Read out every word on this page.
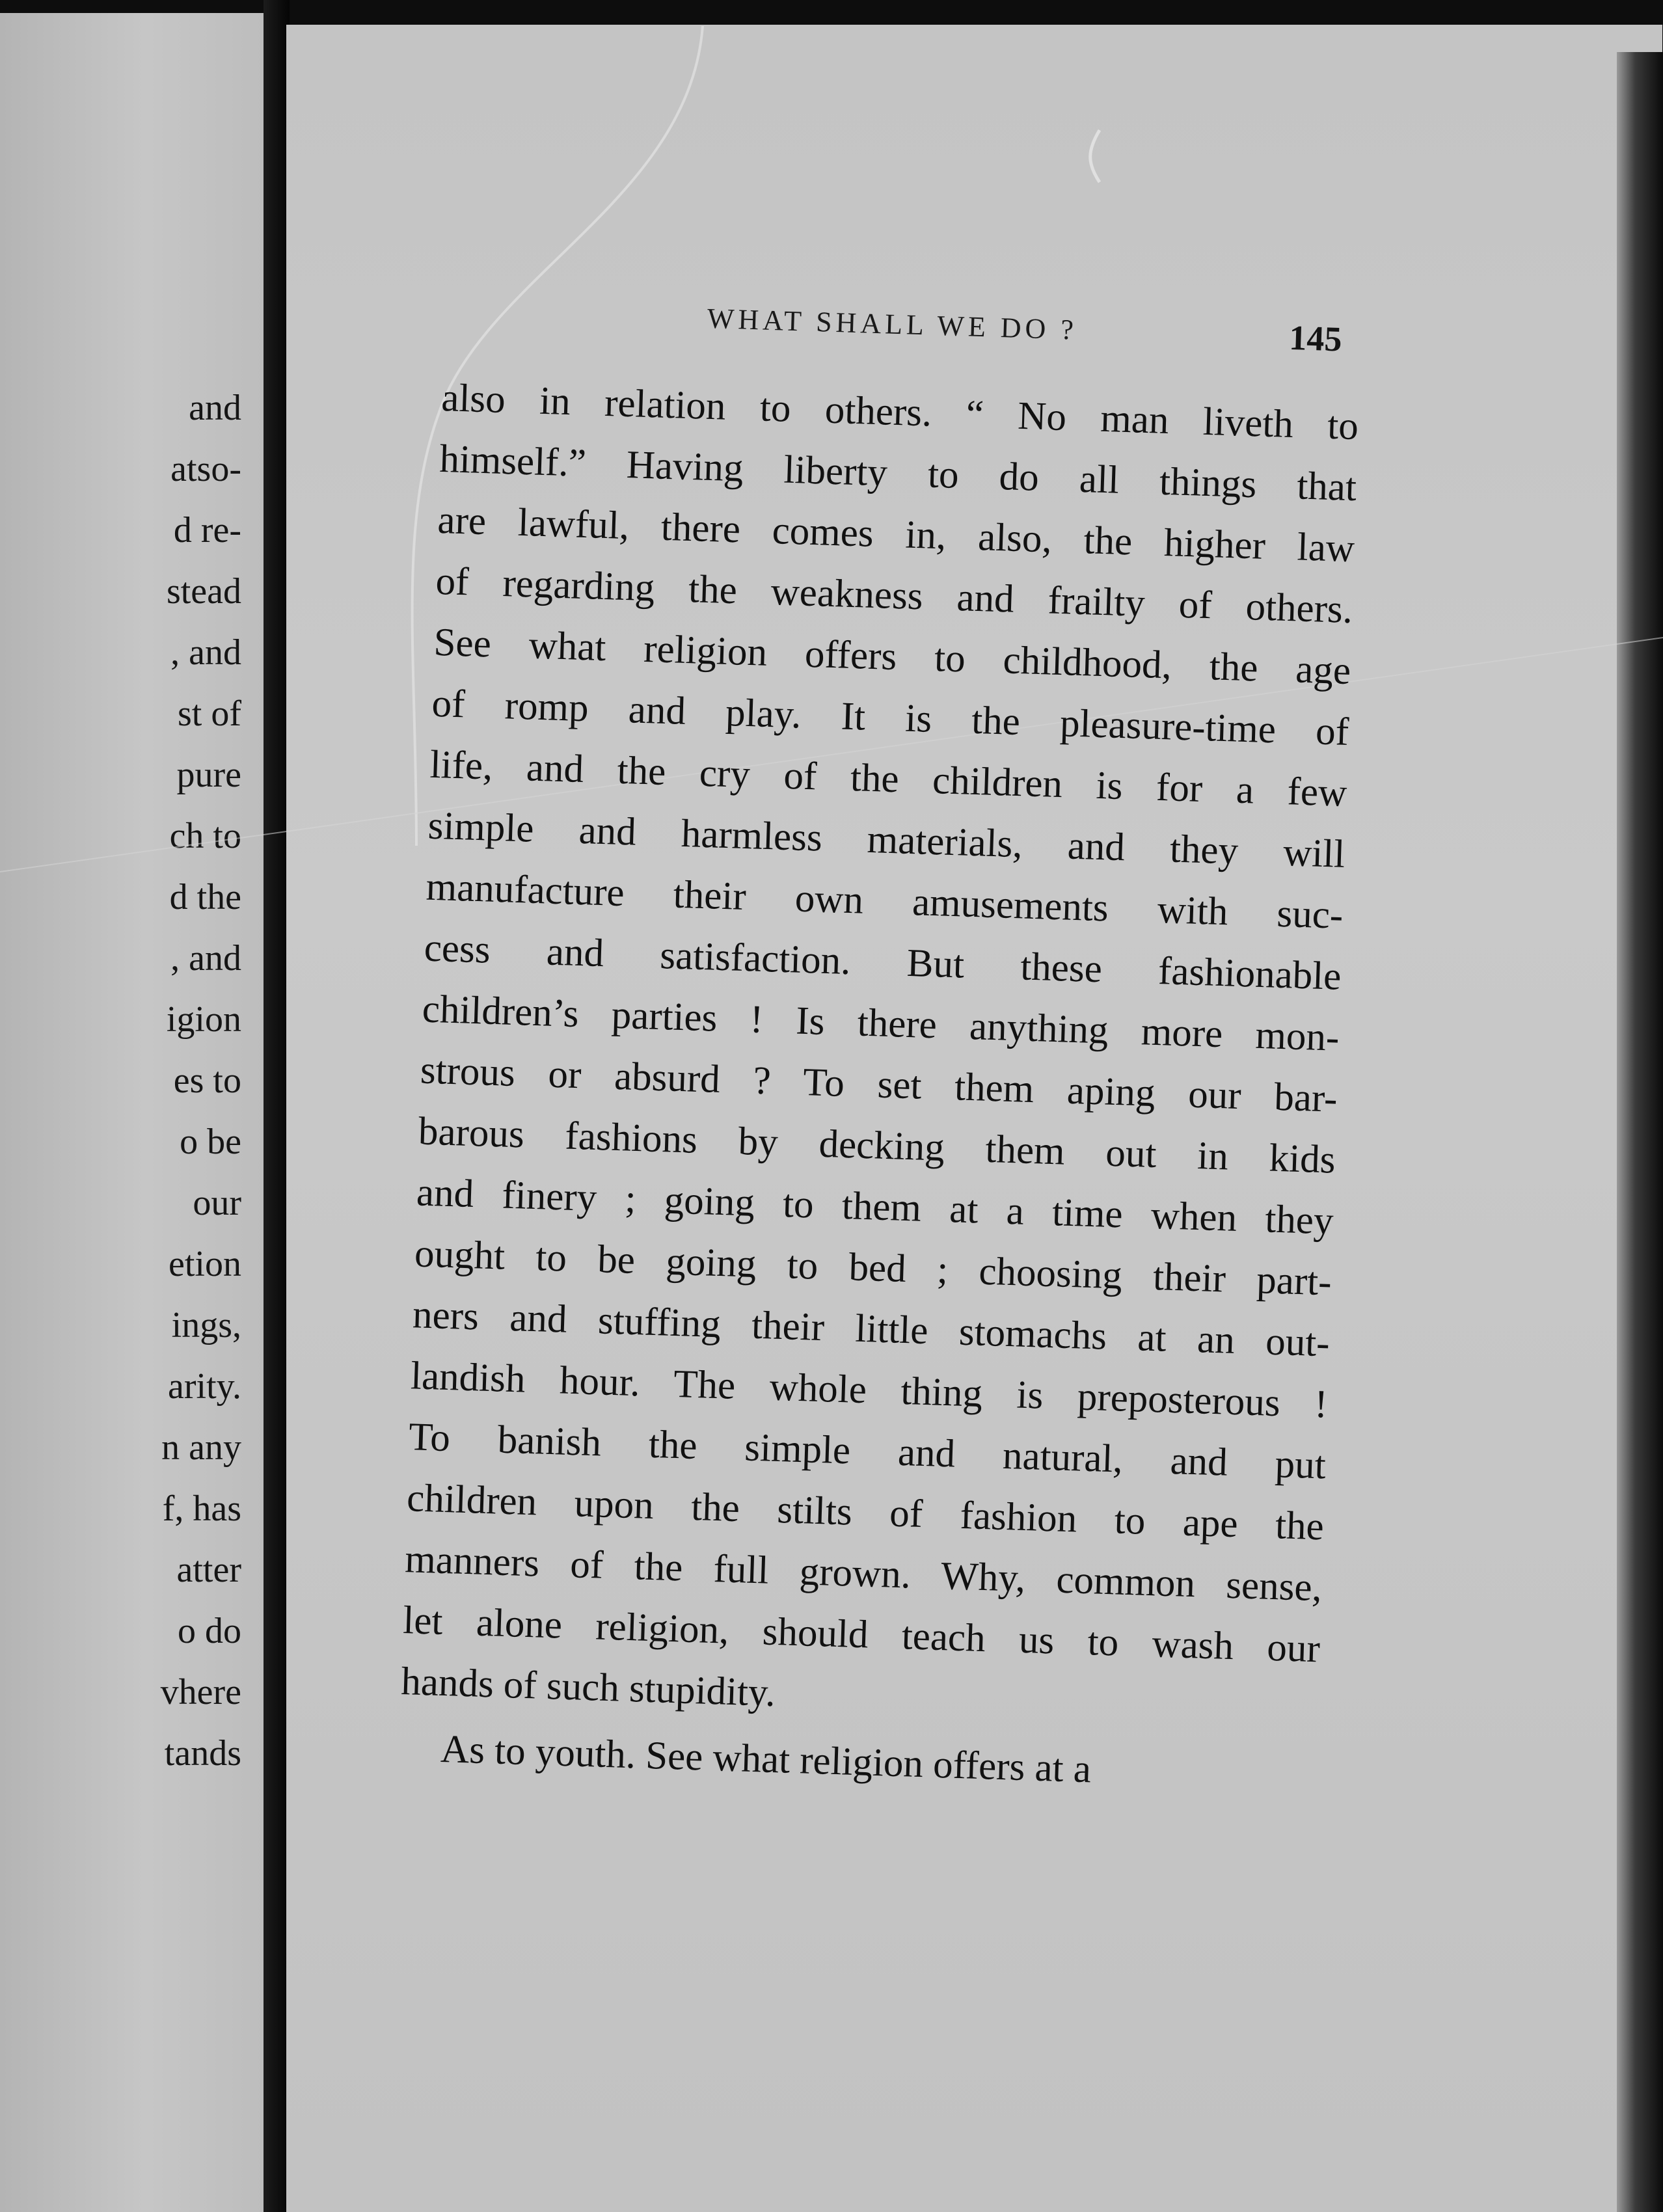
and
atso-
d re-
stead
, and
st of
pure
ch to
d the
, and
igion
es to
o be
our
etion
ings,
arity.
n any
f, has
atter
o do
vhere
tands
WHAT SHALL WE DO ?	145
also in relation to others. “ No man liveth to
himself.” Having liberty to do all things that
are lawful, there comes in, also, the higher law
of regarding the weakness and frailty of others.
See what religion offers to childhood, the age
of romp and play. It is the pleasure-time of
life, and the cry of the children is for a few
simple and harmless materials, and they will
manufacture their own amusements with suc-
cess and satisfaction. But these fashionable
children’s parties ! Is there anything more mon-
strous or absurd ? To set them aping our bar-
barous fashions by decking them out in kids
and finery ; going to them at a time when they
ought to be going to bed ; choosing their part-
ners and stuffing their little stomachs at an out-
landish hour. The whole thing is preposterous !
To banish the simple and natural, and put
children upon the stilts of fashion to ape the
manners of the full grown. Why, common sense,
let alone religion, should teach us to wash our
hands of such stupidity.
As to youth. See what religion offers at a
